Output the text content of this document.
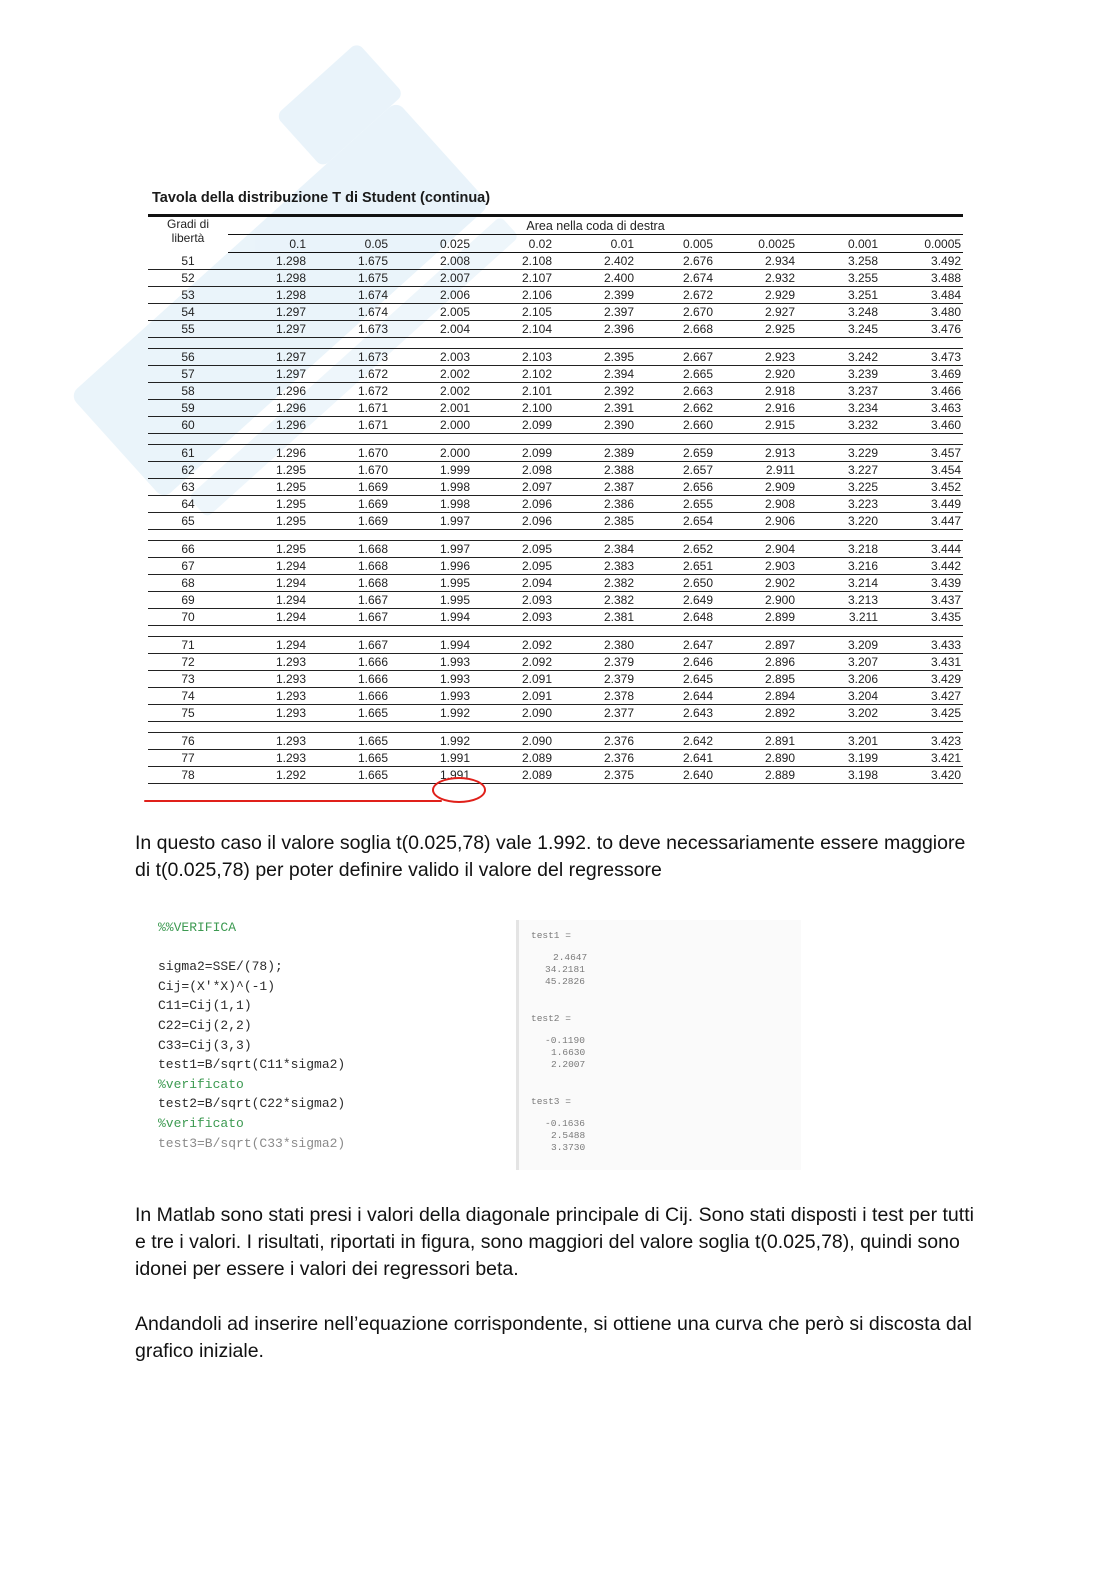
Tavola della distribuzione T di Student (continua)
Gradi di
libertà	Area nella coda di destra								
	0.1	0.05	0.025	0.02	0.01	0.005	0.0025	0.001	0.0005
51	1.298	1.675	2.008	2.108	2.402	2.676	2.934	3.258	3.492
52	1.298	1.675	2.007	2.107	2.400	2.674	2.932	3.255	3.488
53	1.298	1.674	2.006	2.106	2.399	2.672	2.929	3.251	3.484
54	1.297	1.674	2.005	2.105	2.397	2.670	2.927	3.248	3.480
55	1.297	1.673	2.004	2.104	2.396	2.668	2.925	3.245	3.476

56	1.297	1.673	2.003	2.103	2.395	2.667	2.923	3.242	3.473
57	1.297	1.672	2.002	2.102	2.394	2.665	2.920	3.239	3.469
58	1.296	1.672	2.002	2.101	2.392	2.663	2.918	3.237	3.466
59	1.296	1.671	2.001	2.100	2.391	2.662	2.916	3.234	3.463
60	1.296	1.671	2.000	2.099	2.390	2.660	2.915	3.232	3.460

61	1.296	1.670	2.000	2.099	2.389	2.659	2.913	3.229	3.457
62	1.295	1.670	1.999	2.098	2.388	2.657	2.911	3.227	3.454
63	1.295	1.669	1.998	2.097	2.387	2.656	2.909	3.225	3.452
64	1.295	1.669	1.998	2.096	2.386	2.655	2.908	3.223	3.449
65	1.295	1.669	1.997	2.096	2.385	2.654	2.906	3.220	3.447

66	1.295	1.668	1.997	2.095	2.384	2.652	2.904	3.218	3.444
67	1.294	1.668	1.996	2.095	2.383	2.651	2.903	3.216	3.442
68	1.294	1.668	1.995	2.094	2.382	2.650	2.902	3.214	3.439
69	1.294	1.667	1.995	2.093	2.382	2.649	2.900	3.213	3.437
70	1.294	1.667	1.994	2.093	2.381	2.648	2.899	3.211	3.435

71	1.294	1.667	1.994	2.092	2.380	2.647	2.897	3.209	3.433
72	1.293	1.666	1.993	2.092	2.379	2.646	2.896	3.207	3.431
73	1.293	1.666	1.993	2.091	2.379	2.645	2.895	3.206	3.429
74	1.293	1.666	1.993	2.091	2.378	2.644	2.894	3.204	3.427
75	1.293	1.665	1.992	2.090	2.377	2.643	2.892	3.202	3.425

76	1.293	1.665	1.992	2.090	2.376	2.642	2.891	3.201	3.423
77	1.293	1.665	1.991	2.089	2.376	2.641	2.890	3.199	3.421
78	1.292	1.665	1.991	2.089	2.375	2.640	2.889	3.198	3.420

In questo caso il valore soglia t(0.025,78) vale 1.992. to deve necessariamente essere maggiore di t(0.025,78) per poter definire valido il valore del regressore

%%VERIFICA

sigma2=SSE/(78);
Cij=(X'*X)^(-1)
C11=Cij(1,1)
C22=Cij(2,2)
C33=Cij(3,3)
test1=B/sqrt(C11*sigma2)
%verificato
test2=B/sqrt(C22*sigma2)
%verificato
test3=B/sqrt(C33*sigma2)
test1 =
2.4647
34.2181
45.2826
test2 =
-0.1190
1.6630
2.2007
test3 =
-0.1636
2.5488
3.3730

In Matlab sono stati presi i valori della diagonale principale di Cij. Sono stati disposti i test per tutti e tre i valori. I risultati, riportati in figura, sono maggiori del valore soglia t(0.025,78), quindi sono idonei per essere i valori dei regressori beta.

Andandoli ad inserire nell’equazione corrispondente, si ottiene una curva che però si discosta dal grafico iniziale.
